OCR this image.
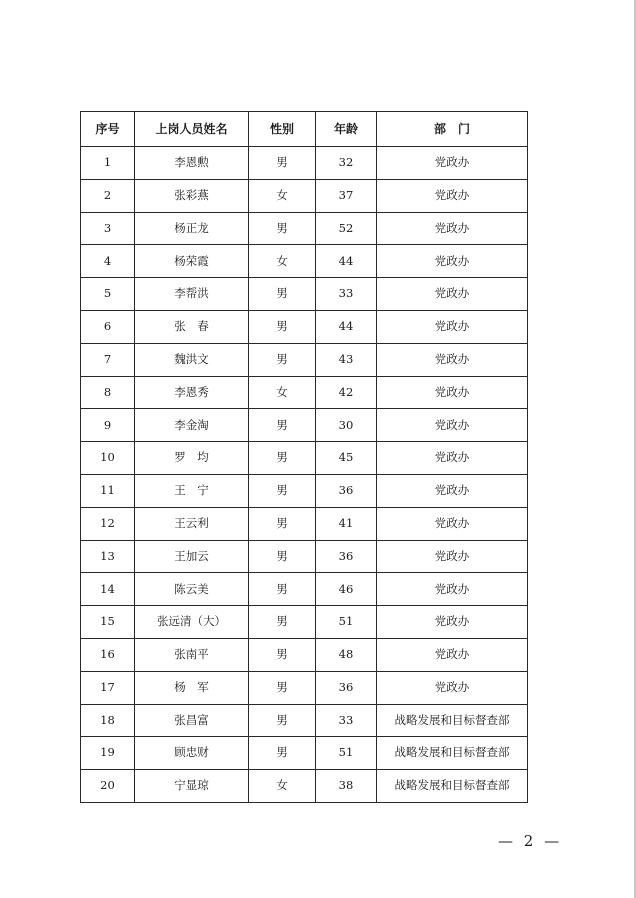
序号	上岗人员姓名	性别	年龄	部　门
1	李恩勲	男	32	党政办
2	张彩燕	女	37	党政办
3	杨正龙	男	52	党政办
4	杨荣霞	女	44	党政办
5	李帮洪	男	33	党政办
6	张　春	男	44	党政办
7	魏洪文	男	43	党政办
8	李恩秀	女	42	党政办
9	李金淘	男	30	党政办
10	罗　均	男	45	党政办
11	王　宁	男	36	党政办
12	王云利	男	41	党政办
13	王加云	男	36	党政办
14	陈云美	男	46	党政办
15	张远清（大）	男	51	党政办
16	张南平	男	48	党政办
17	杨　军	男	36	党政办
18	张昌富	男	33	战略发展和目标督查部
19	顾忠财	男	51	战略发展和目标督查部
20	宁显琼	女	38	战略发展和目标督查部
— 2 —
